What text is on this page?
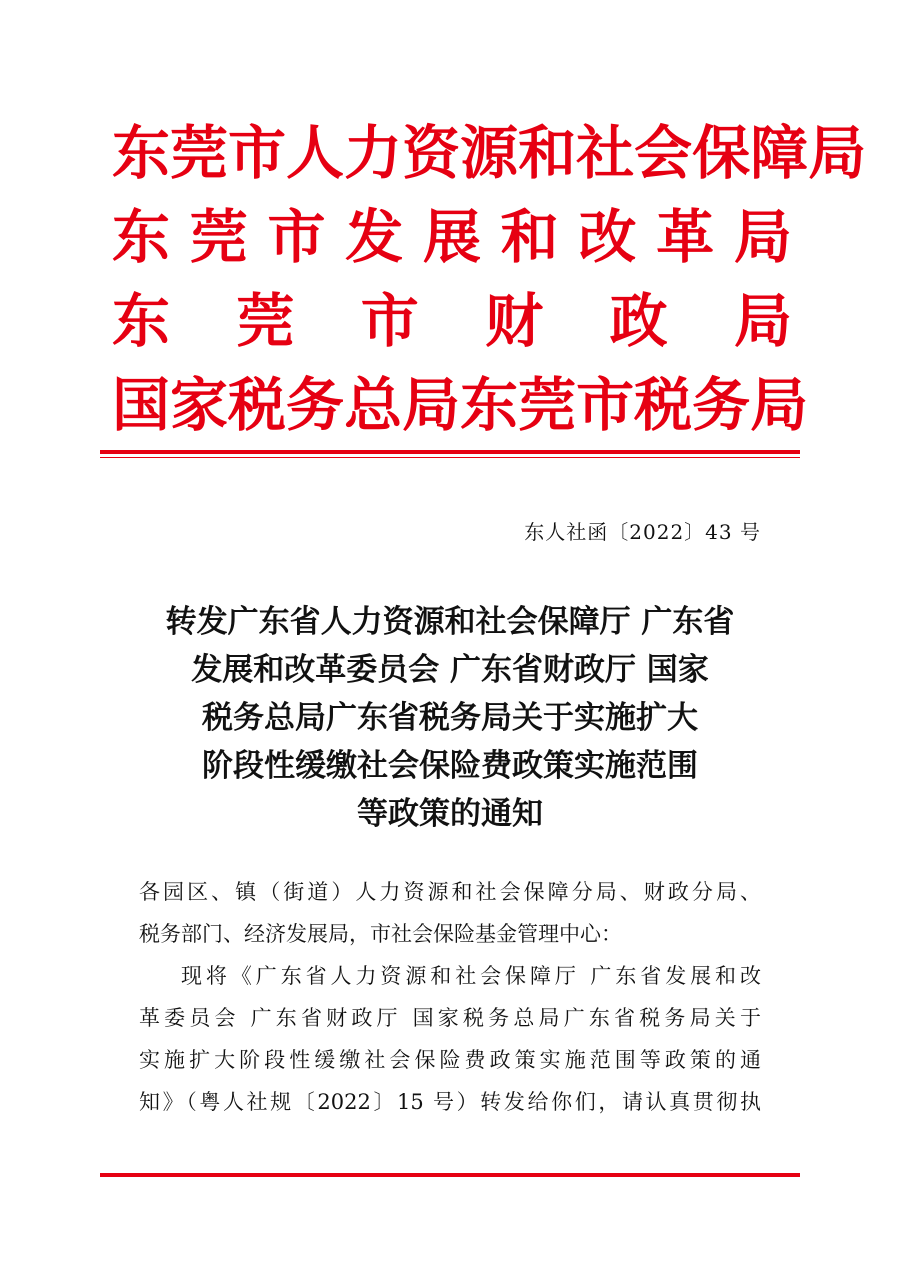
东 莞 市 人 力 资 源 和 社 会 保 障 局
东 莞 市 发 展 和 改 革 局
东 莞 市 财 政 局
国 家 税 务 总 局 东 莞 市 税 务 局
东人社函〔2022〕43 号
转发广东省人力资源和社会保障厅 广东省
发展和改革委员会 广东省财政厅 国家
税务总局广东省税务局关于实施扩大
阶段性缓缴社会保险费政策实施范围
等政策的通知
各园区、镇（街道）人力资源和社会保障分局、财政分局、
税务部门、经济发展局，市社会保险基金管理中心：
现将《广东省人力资源和社会保障厅 广东省发展和改
革委员会 广东省财政厅 国家税务总局广东省税务局关于
实施扩大阶段性缓缴社会保险费政策实施范围等政策的通
知》（粤人社规〔2022〕15 号）转发给你们，请认真贯彻执
